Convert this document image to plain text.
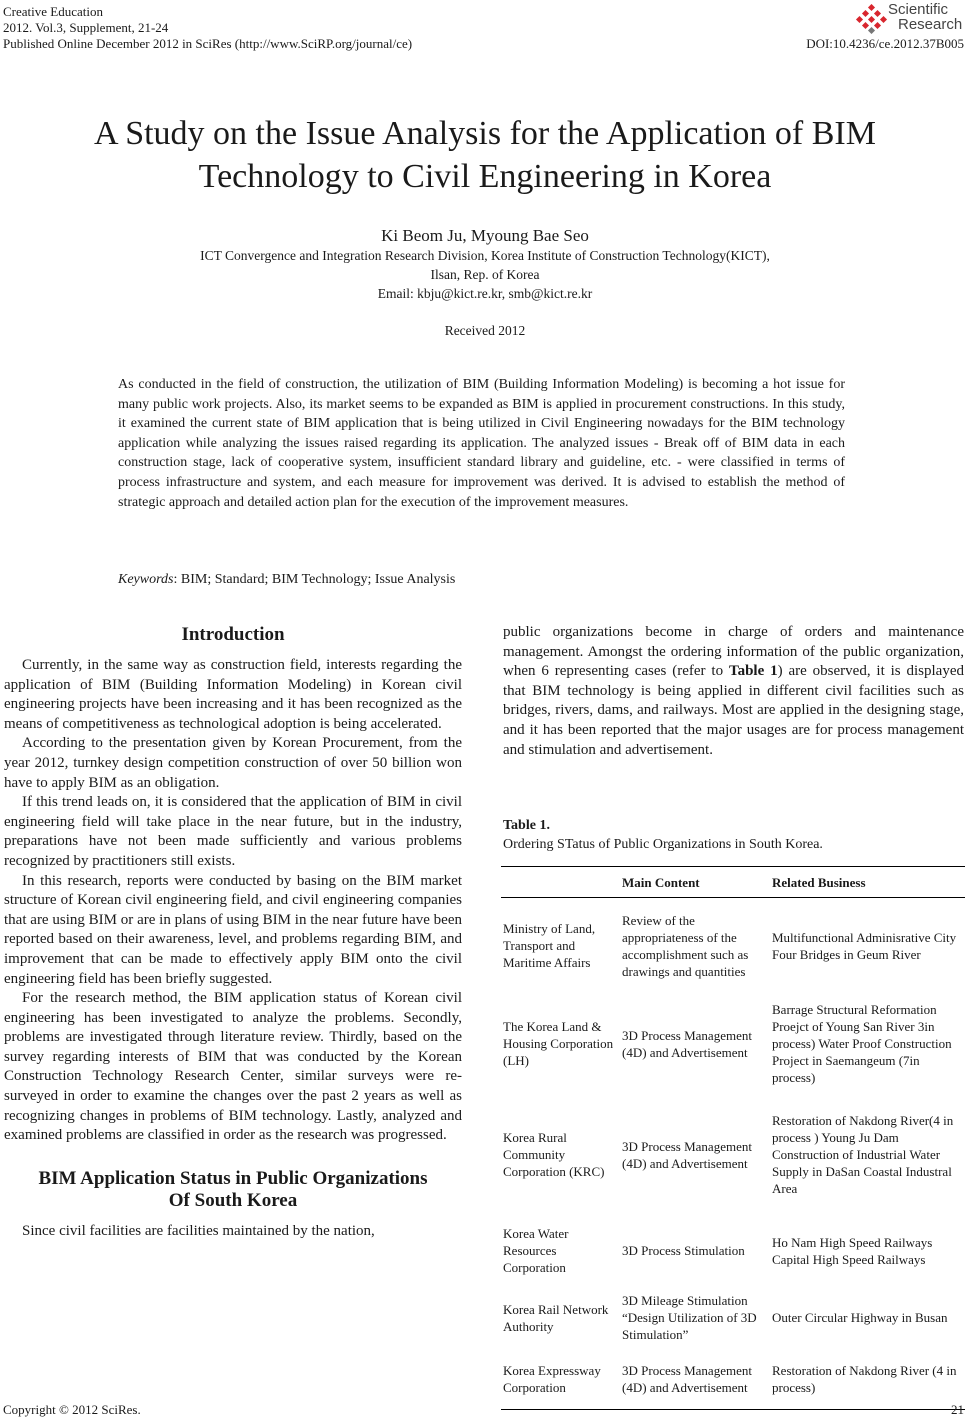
Creative Education
2012. Vol.3, Supplement, 21-24
Published Online December 2012 in SciRes (http://www.SciRP.org/journal/ce)	DOI:10.4236/ce.2012.37B005
Scientific
Research
A Study on the Issue Analysis for the Application of BIM
Technology to Civil Engineering in Korea
Ki Beom Ju, Myoung Bae Seo
ICT Convergence and Integration Research Division, Korea Institute of Construction Technology(KICT),
Ilsan, Rep. of Korea
Email: kbju@kict.re.kr, smb@kict.re.kr
Received 2012
As conducted in the field of construction, the utilization of BIM (Building Information Modeling) is becoming a hot issue for many public work projects. Also, its market seems to be expanded as BIM is applied in procurement constructions. In this study, it examined the current state of BIM application that is being utilized in Civil Engineering nowadays for the BIM technology application while analyzing the issues raised regarding its application. The analyzed issues - Break off of BIM data in each construction stage, lack of cooperative system, insufficient standard library and guideline, etc. - were classified in terms of process infrastructure and system, and each measure for improvement was derived. It is advised to establish the method of strategic approach and detailed action plan for the execution of the improvement measures.
Keywords: BIM; Standard; BIM Technology; Issue Analysis
Introduction

Currently, in the same way as construction field, interests regarding the application of BIM (Building Information Modeling) in Korean civil engineering projects have been increasing and it has been recognized as the means of competitiveness as technological adoption is being accelerated.

According to the presentation given by Korean Procurement, from the year 2012, turnkey design competition construction of over 50 billion won have to apply BIM as an obligation.

If this trend leads on, it is considered that the application of BIM in civil engineering field will take place in the near future, but in the industry, preparations have not been made sufficiently and various problems recognized by practitioners still exists.

In this research, reports were conducted by basing on the BIM market structure of Korean civil engineering field, and civil engineering companies that are using BIM or are in plans of using BIM in the near future have been reported based on their awareness, level, and problems regarding BIM, and improvement that can be made to effectively apply BIM onto the civil engineering field has been briefly suggested.

For the research method, the BIM application status of Korean civil engineering has been investigated to analyze the problems. Secondly, problems are investigated through literature review. Thirdly, based on the survey regarding interests of BIM that was conducted by the Korean Construction Technology Research Center, similar surveys were re-surveyed in order to examine the changes over the past 2 years as well as recognizing changes in problems of BIM technology. Lastly, analyzed and examined problems are classified in order as the research was progressed.

BIM Application Status in Public Organizations
Of South Korea

Since civil facilities are facilities maintained by the nation,

public organizations become in charge of orders and maintenance management. Amongst the ordering information of the public organization, when 6 representing cases (refer to Table 1) are observed, it is displayed that BIM technology is being applied in different civil facilities such as bridges, rivers, dams, and railways. Most are applied in the designing stage, and it has been reported that the major usages are for process management and stimulation and advertisement.

Table 1.
Ordering STatus of Public Organizations in South Korea.
	Main Content	Related Business
Ministry of Land, Transport and Maritime Affairs	Review of the appropriateness of the accomplishment such as drawings and quantities	Multifunctional Adminisrative City Four Bridges in Geum River
The Korea Land & Housing Corporation (LH)	3D Process Management (4D) and Advertisement	Barrage Structural Reformation Proejct of Young San River 3in process) Water Proof Construction Project in Saemangeum (7in process)
Korea Rural Community Corporation (KRC)	3D Process Management (4D) and Advertisement	Restoration of Nakdong River(4 in process ) Young Ju Dam Construction of Industrial Water Supply in DaSan Coastal Industral Area
Korea Water Resources Corporation	3D Process Stimulation	Ho Nam High Speed Railways Capital High Speed Railways
Korea Rail Network Authority	3D Mileage Stimulation “Design Utilization of 3D Stimulation”	Outer Circular Highway in Busan
Korea Expressway Corporation	3D Process Management (4D) and Advertisement	Restoration of Nakdong River (4 in process)
Copyright © 2012 SciRes.	21
